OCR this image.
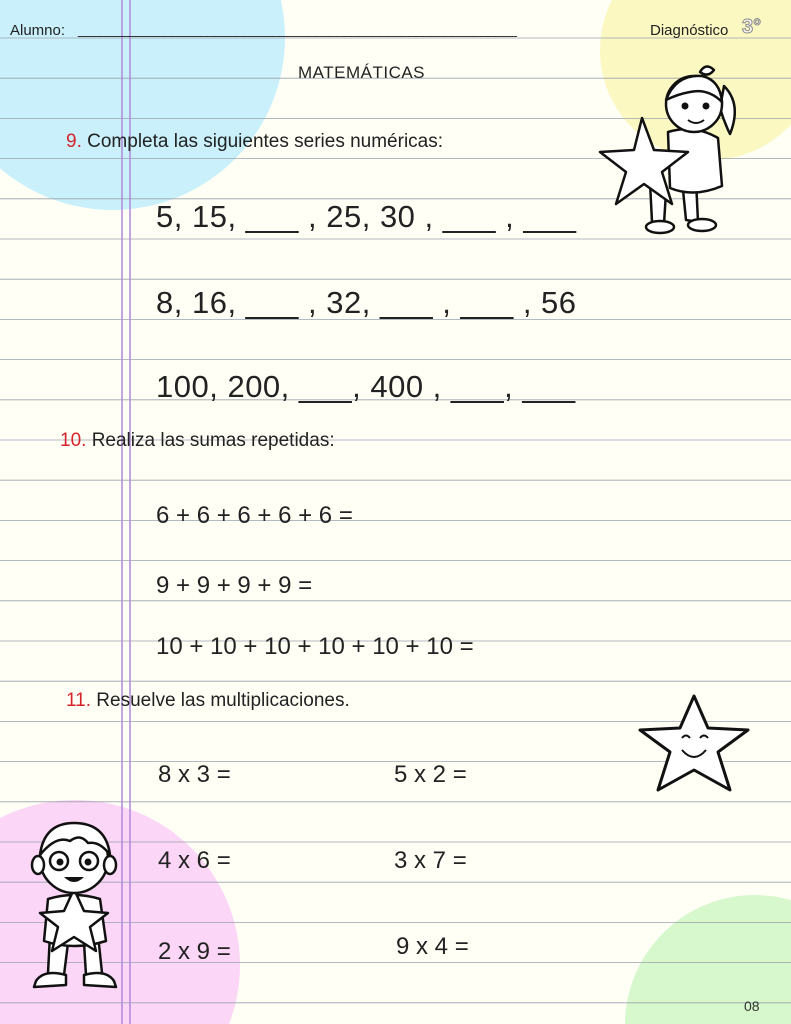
Alumno: _____________________________________________________________	Diagnóstico 3°
MATEMÁTICAS
9. Completa las siguientes series numéricas:
5, 15, ___ , 25, 30 , ___ , ___
8, 16, ___ , 32, ___ , ___ , 56
100, 200, ___, 400 , ___, ___
10. Realiza las sumas repetidas:
6 + 6 + 6 + 6 + 6 =
9 + 9 + 9 + 9 =
10 + 10 + 10 + 10 + 10 + 10 =
11. Resuelve las multiplicaciones.
8 x 3 =
4 x 6 =
2 x 9 =
5 x 2 =
3 x 7 =
9 x 4 =
08
